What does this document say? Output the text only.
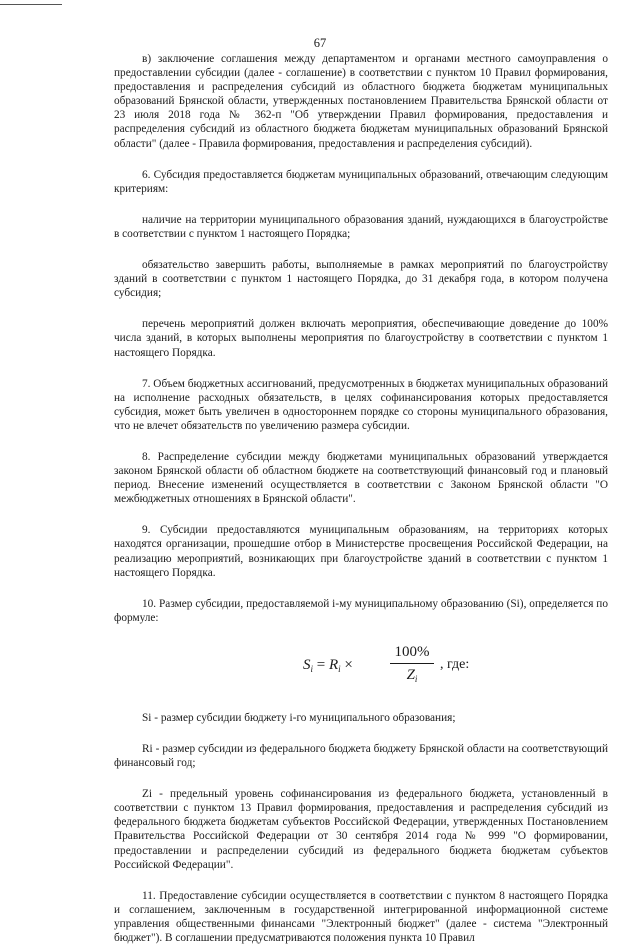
67

в) заключение соглашения между департаментом и органами местного самоуправления о предоставлении субсидии (далее - соглашение) в соответствии с пунктом 10 Правил формирования, предоставления и распределения субсидий из областного бюджета бюджетам муниципальных образований Брянской области, утвержденных постановлением Правительства Брянской области от 23 июля 2018 года № 362-п "Об утверждении Правил формирования, предоставления и распределения субсидий из областного бюджета бюджетам муниципальных образований Брянской области" (далее - Правила формирования, предоставления и распределения субсидий).

6. Субсидия предоставляется бюджетам муниципальных образований, отвечающим следующим критериям:

наличие на территории муниципального образования зданий, нуждающихся в благоустройстве в соответствии с пунктом 1 настоящего Порядка;

обязательство завершить работы, выполняемые в рамках мероприятий по благоустройству зданий в соответствии с пунктом 1 настоящего Порядка, до 31 декабря года, в котором получена субсидия;

перечень мероприятий должен включать мероприятия, обеспечивающие доведение до 100% числа зданий, в которых выполнены мероприятия по благоустройству в соответствии с пунктом 1 настоящего Порядка.

7. Объем бюджетных ассигнований, предусмотренных в бюджетах муниципальных образований на исполнение расходных обязательств, в целях софинансирования которых предоставляется субсидия, может быть увеличен в одностороннем порядке со стороны муниципального образования, что не влечет обязательств по увеличению размера субсидии.

8. Распределение субсидии между бюджетами муниципальных образований утверждается законом Брянской области об областном бюджете на соответствующий финансовый год и плановый период. Внесение изменений осуществляется в соответствии с Законом Брянской области "О межбюджетных отношениях в Брянской области".

9. Субсидии предоставляются муниципальным образованиям, на территориях которых находятся организации, прошедшие отбор в Министерстве просвещения Российской Федерации, на реализацию мероприятий, возникающих при благоустройстве зданий в соответствии с пунктом 1 настоящего Порядка.

10. Размер субсидии, предоставляемой i-му муниципальному образованию (Si), определяется по формуле:

$S_i = R_i$ ×
100%
$Z_i$
, где:

Si - размер субсидии бюджету i-го муниципального образования;

Ri - размер субсидии из федерального бюджета бюджету Брянской области на соответствующий финансовый год;

Zi - предельный уровень софинансирования из федерального бюджета, установленный в соответствии с пунктом 13 Правил формирования, предоставления и распределения субсидий из федерального бюджета бюджетам субъектов Российской Федерации, утвержденных Постановлением Правительства Российской Федерации от 30 сентября 2014 года № 999 "О формировании, предоставлении и распределении субсидий из федерального бюджета бюджетам субъектов Российской Федерации".

11. Предоставление субсидии осуществляется в соответствии с пунктом 8 настоящего Порядка и соглашением, заключенным в государственной интегрированной информационной системе управления общественными финансами "Электронный бюджет" (далее - система "Электронный бюджет"). В соглашении предусматриваются положения пункта 10 Правил
